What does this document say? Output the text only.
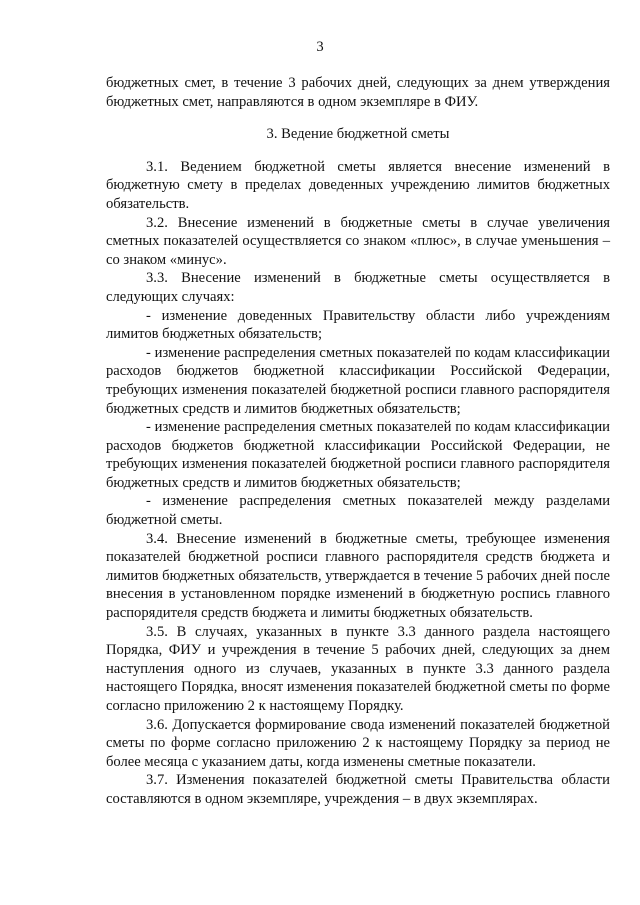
3

бюджетных смет, в течение 3 рабочих дней, следующих за днем утверждения бюджетных смет, направляются в одном экземпляре в ФИУ.

3. Ведение бюджетной сметы

3.1. Ведением бюджетной сметы является внесение изменений в бюджетную смету в пределах доведенных учреждению лимитов бюджетных обязательств.

3.2. Внесение изменений в бюджетные сметы в случае увеличения сметных показателей осуществляется со знаком «плюс», в случае уменьшения – со знаком «минус».

3.3. Внесение изменений в бюджетные сметы осуществляется в следующих случаях:

- изменение доведенных Правительству области либо учреждениям лимитов бюджетных обязательств;

- изменение распределения сметных показателей по кодам классификации расходов бюджетов бюджетной классификации Российской Федерации, требующих изменения показателей бюджетной росписи главного распорядителя бюджетных средств и лимитов бюджетных обязательств;

- изменение распределения сметных показателей по кодам классификации расходов бюджетов бюджетной классификации Российской Федерации, не требующих изменения показателей бюджетной росписи главного распорядителя бюджетных средств и лимитов бюджетных обязательств;

- изменение распределения сметных показателей между разделами бюджетной сметы.

3.4. Внесение изменений в бюджетные сметы, требующее изменения показателей бюджетной росписи главного распорядителя средств бюджета и лимитов бюджетных обязательств, утверждается в течение 5 рабочих дней после внесения в установленном порядке изменений в бюджетную роспись главного распорядителя средств бюджета и лимиты бюджетных обязательств.

3.5. В случаях, указанных в пункте 3.3 данного раздела настоящего Порядка, ФИУ и учреждения в течение 5 рабочих дней, следующих за днем наступления одного из случаев, указанных в пункте 3.3 данного раздела настоящего Порядка, вносят изменения показателей бюджетной сметы по форме согласно приложению 2 к настоящему Порядку.

3.6. Допускается формирование свода изменений показателей бюджетной сметы по форме согласно приложению 2 к настоящему Порядку за период не более месяца с указанием даты, когда изменены сметные показатели.

3.7. Изменения показателей бюджетной сметы Правительства области составляются в одном экземпляре, учреждения – в двух экземплярах.
